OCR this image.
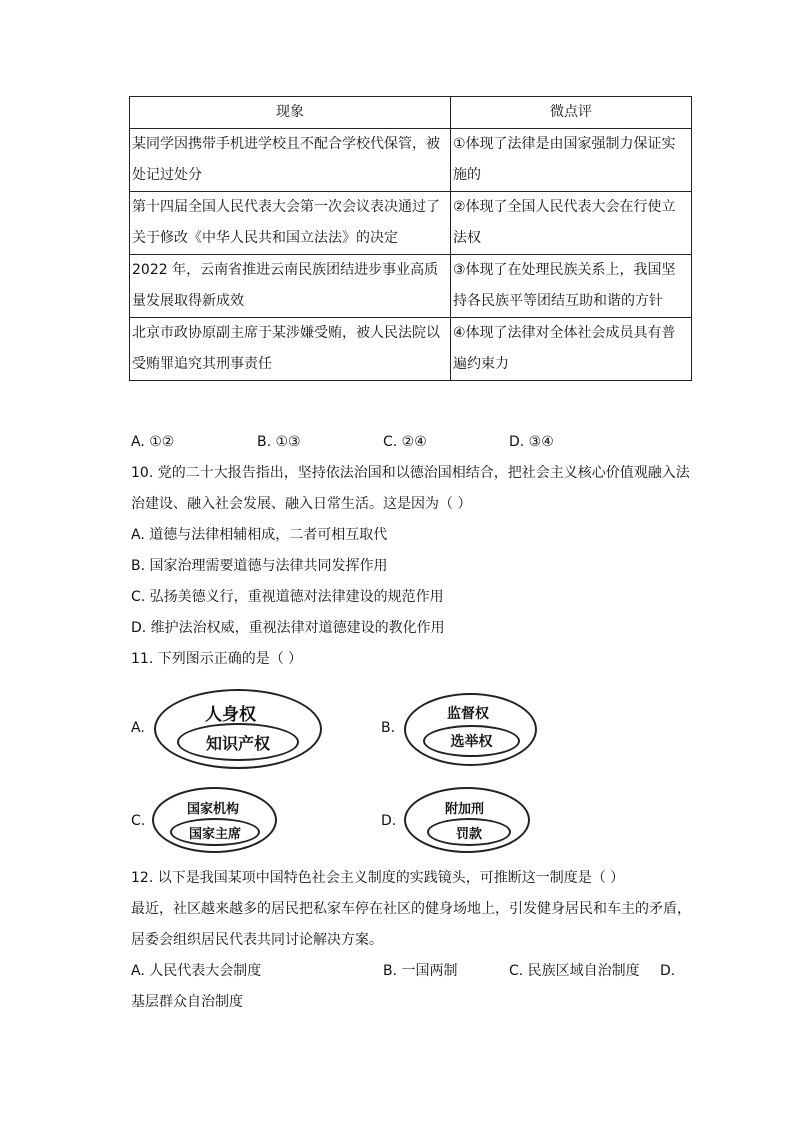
现象	微点评
某同学因携带手机进学校且不配合学校代保管，被处记过处分	①体现了法律是由国家强制力保证实施的
第十四届全国人民代表大会第一次会议表决通过了关于修改《中华人民共和国立法法》的决定	②体现了全国人民代表大会在行使立法权
2022 年，云南省推进云南民族团结进步事业高质量发展取得新成效	③体现了在处理民族关系上，我国坚持各民族平等团结互助和谐的方针
北京市政协原副主席于某涉嫌受贿，被人民法院以受贿罪追究其刑事责任	④体现了法律对全体社会成员具有普遍约束力
A. ①②	B. ①③	C. ②④	D. ③④
10. 党的二十大报告指出，坚持依法治国和以德治国相结合，把社会主义核心价值观融入法
治建设、融入社会发展、融入日常生活。这是因为（ ）
A. 道德与法律相辅相成，二者可相互取代
B. 国家治理需要道德与法律共同发挥作用
C. 弘扬美德义行，重视道德对法律建设的规范作用
D. 维护法治权威，重视法律对道德建设的教化作用
11. 下列图示正确的是（ ）
A.
人身权
知识产权
B.
监督权
选举权
C.
国家机构
国家主席
D.
附加刑
罚款
12. 以下是我国某项中国特色社会主义制度的实践镜头，可推断这一制度是（ ）
最近，社区越来越多的居民把私家车停在社区的健身场地上，引发健身居民和车主的矛盾，
居委会组织居民代表共同讨论解决方案。
A. 人民代表大会制度	B. 一国两制	C. 民族区域自治制度 D.
基层群众自治制度
